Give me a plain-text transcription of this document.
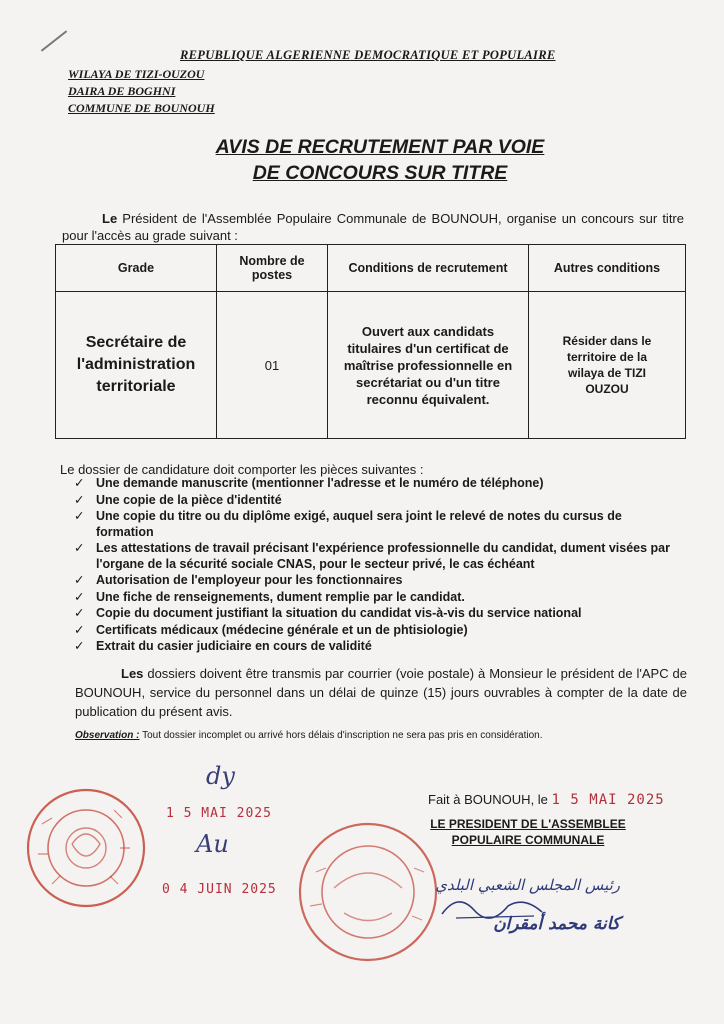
REPUBLIQUE ALGERIENNE DEMOCRATIQUE ET POPULAIRE
WILAYA DE TIZI-OUZOU
DAIRA DE BOGHNI
COMMUNE DE BOUNOUH
AVIS DE RECRUTEMENT PAR VOIE
DE CONCOURS SUR TITRE
Le Président de l'Assemblée Populaire Communale de BOUNOUH, organise un concours sur titre pour l'accès au grade suivant :
Grade	Nombre de postes	Conditions de recrutement	Autres conditions
Secrétaire de l'administration territoriale	01	Ouvert aux candidats titulaires d'un certificat de maîtrise professionnelle en secrétariat ou d'un titre reconnu équivalent.	Résider dans le territoire de la wilaya de TIZI OUZOU
Le dossier de candidature doit comporter les pièces suivantes :
✓ Une demande manuscrite (mentionner l'adresse et le numéro de téléphone)
✓ Une copie de la pièce d'identité
✓ Une copie du titre ou du diplôme exigé, auquel sera joint le relevé de notes du cursus de formation
✓ Les attestations de travail précisant l'expérience professionnelle du candidat, dument visées par l'organe de la sécurité sociale CNAS, pour le secteur privé, le cas échéant
✓ Autorisation de l'employeur pour les fonctionnaires
✓ Une fiche de renseignements, dument remplie par le candidat.
✓ Copie du document justifiant la situation du candidat vis-à-vis du service national
✓ Certificats médicaux (médecine générale et un de phtisiologie)
✓ Extrait du casier judiciaire en cours de validité
Les dossiers doivent être transmis par courrier (voie postale) à Monsieur le président de l'APC de BOUNOUH, service du personnel dans un délai de quinze (15) jours ouvrables à compter de la date de publication du présent avis.
Observation : Tout dossier incomplet ou arrivé hors délais d'inscription ne sera pas pris en considération.
dy
1 5 MAI 2025
Au
0 4 JUIN 2025
Fait à BOUNOUH, le 1 5 MAI 2025
LE PRESIDENT DE L'ASSEMBLEE
POPULAIRE COMMUNALE
رئيس المجلس الشعبي البلدي
كانة محمد أمقران
